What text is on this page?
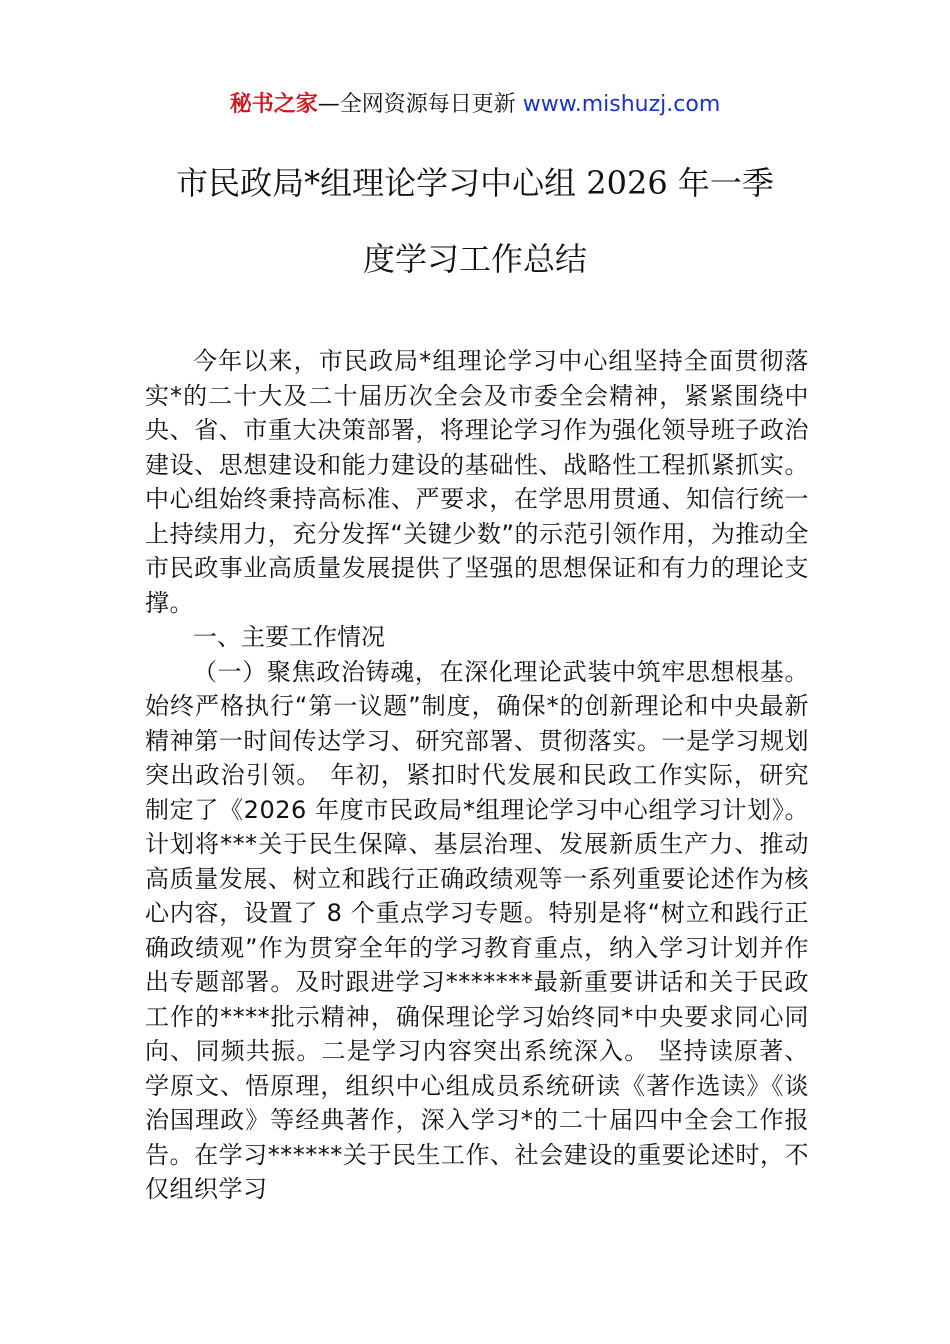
秘书之家—全网资源每日更新 www.mishuzj.com
市民政局*组理论学习中心组 2026 年一季
度学习工作总结

今年以来，市民政局*组理论学习中心组坚持全面贯彻落实*的二十大及二十届历次全会及市委全会精神，紧紧围绕中央、省、市重大决策部署，将理论学习作为强化领导班子政治建设、思想建设和能力建设的基础性、战略性工程抓紧抓实。中心组始终秉持高标准、严要求，在学思用贯通、知信行统一上持续用力，充分发挥“关键少数”的示范引领作用，为推动全市民政事业高质量发展提供了坚强的思想保证和有力的理论支撑。

一、主要工作情况

（一）聚焦政治铸魂，在深化理论武装中筑牢思想根基。始终严格执行“第一议题”制度，确保*的创新理论和中央最新精神第一时间传达学习、研究部署、贯彻落实。一是学习规划突出政治引领。 年初，紧扣时代发展和民政工作实际，研究制定了《2026 年度市民政局*组理论学习中心组学习计划》。计划将***关于民生保障、基层治理、发展新质生产力、推动高质量发展、树立和践行正确政绩观等一系列重要论述作为核心内容，设置了 8 个重点学习专题。特别是将“树立和践行正确政绩观”作为贯穿全年的学习教育重点，纳入学习计划并作出专题部署。及时跟进学习*******最新重要讲话和关于民政工作的****批示精神，确保理论学习始终同*中央要求同心同向、同频共振。二是学习内容突出系统深入。 坚持读原著、学原文、悟原理，组织中心组成员系统研读《著作选读》《谈治国理政》等经典著作，深入学习*的二十届四中全会工作报告。在学习******关于民生工作、社会建设的重要论述时，不仅组织学习
